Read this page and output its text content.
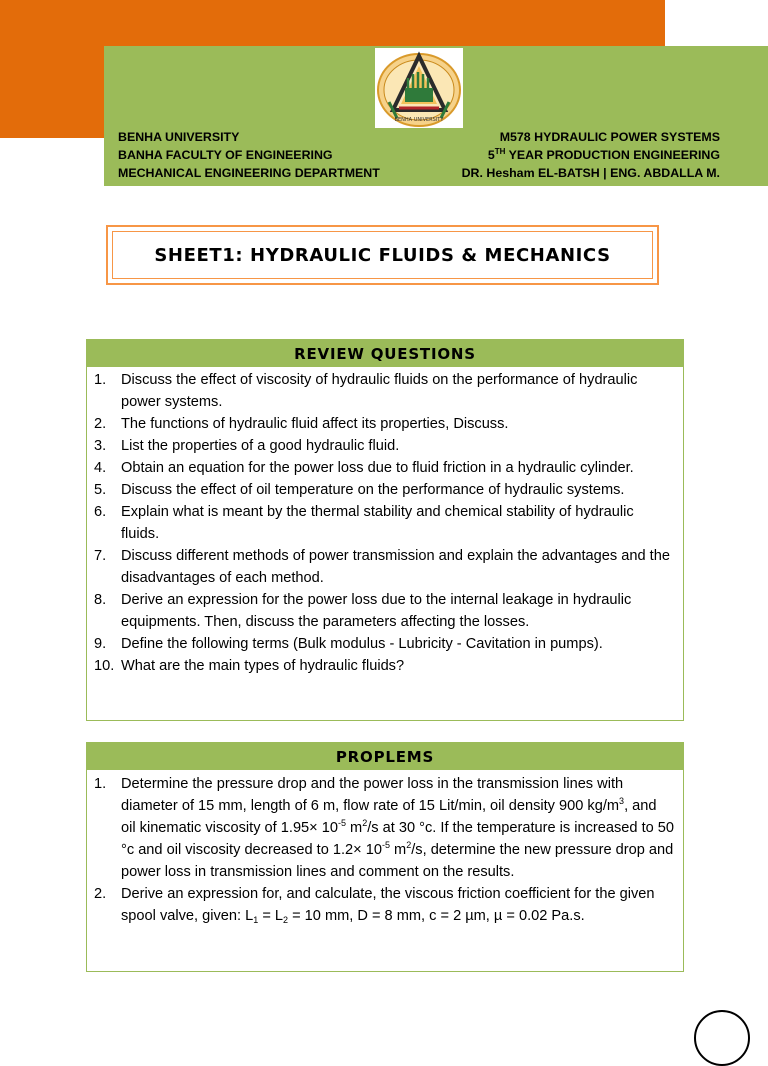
BENHA UNIVERSITY
BENHA UNIVERSITY
BANHA FACULTY OF ENGINEERING
MECHANICAL ENGINEERING DEPARTMENT
M578 HYDRAULIC POWER SYSTEMS
5TH YEAR PRODUCTION ENGINEERING
DR. Hesham EL-BATSH | ENG. ABDALLA M.
SHEET1: HYDRAULIC FLUIDS & MECHANICS
REVIEW QUESTIONS
1. Discuss the effect of viscosity of hydraulic fluids on the performance of hydraulic power systems.
2. The functions of hydraulic fluid affect its properties, Discuss.
3. List the properties of a good hydraulic fluid.
4. Obtain an equation for the power loss due to fluid friction in a hydraulic cylinder.
5. Discuss the effect of oil temperature on the performance of hydraulic systems.
6. Explain what is meant by the thermal stability and chemical stability of hydraulic fluids.
7. Discuss different methods of power transmission and explain the advantages and the disadvantages of each method.
8. Derive an expression for the power loss due to the internal leakage in hydraulic equipments. Then, discuss the parameters affecting the losses.
9. Define the following terms (Bulk modulus - Lubricity - Cavitation in pumps).
10. What are the main types of hydraulic fluids?
PROPLEMS
1. Determine the pressure drop and the power loss in the transmission lines with diameter of 15 mm, length of 6 m, flow rate of 15 Lit/min, oil density 900 $kg/m^3$, and oil kinematic viscosity of $1.95\times 10^{-5}$ $m^2/s$ at 30 °c. If the temperature is increased to 50 °c and oil viscosity decreased to $1.2\times 10^{-5}$ $m^2/s$, determine the new pressure drop and power loss in transmission lines and comment on the results.
2. Derive an expression for, and calculate, the viscous friction coefficient for the given spool valve, given: $L_1 = L_2 = 10$ mm, D = 8 mm, c = 2 µm, µ = 0.02 Pa.s.
